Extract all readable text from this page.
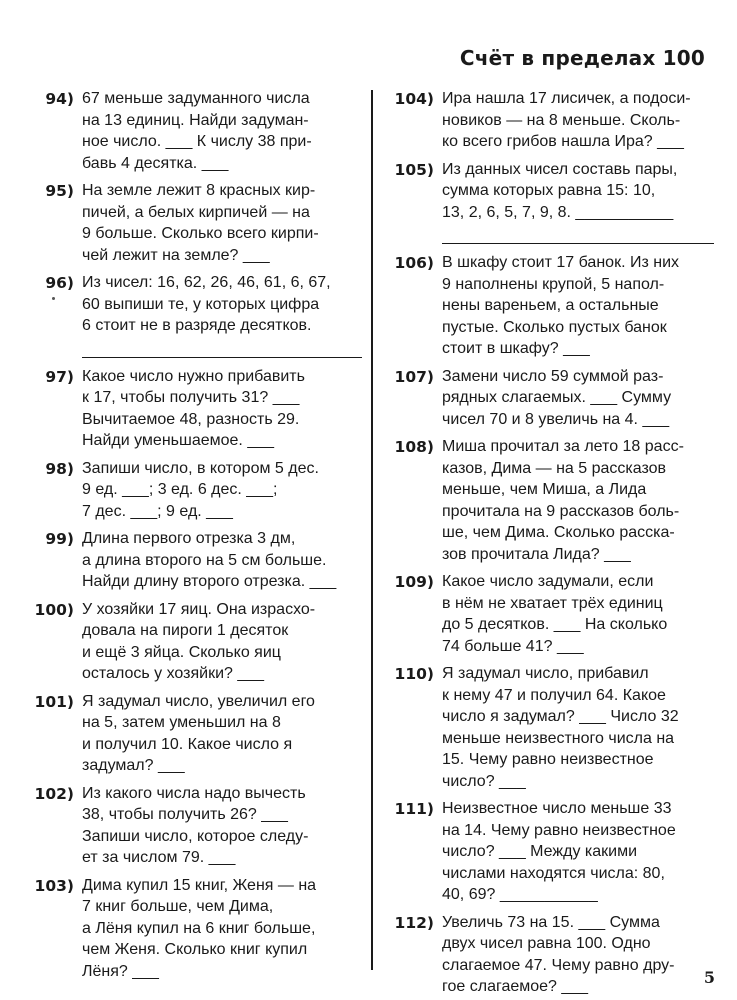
Счёт в пределах 100
94) 67 меньше задуманного числа
на 13 единиц. Найди задуман-
ное число. ___ К числу 38 при-
бавь 4 десятка. ___
95) На земле лежит 8 красных кир-
пичей, а белых кирпичей — на
9 больше. Сколько всего кирпи-
чей лежит на земле? ___
96) Из чисел: 16, 62, 26, 46, 61, 6, 67,
60 выпиши те, у которых цифра
6 стоит не в разряде десятков.
97) Какое число нужно прибавить
к 17, чтобы получить 31? ___
Вычитаемое 48, разность 29.
Найди уменьшаемое. ___
98) Запиши число, в котором 5 дес.
9 ед. ___; 3 ед. 6 дес. ___;
7 дес. ___; 9 ед. ___
99) Длина первого отрезка 3 дм,
а длина второго на 5 см больше.
Найди длину второго отрезка. ___
100) У хозяйки 17 яиц. Она израсхо-
довала на пироги 1 десяток
и ещё 3 яйца. Сколько яиц
осталось у хозяйки? ___
101) Я задумал число, увеличил его
на 5, затем уменьшил на 8
и получил 10. Какое число я
задумал? ___
102) Из какого числа надо вычесть
38, чтобы получить 26? ___
Запиши число, которое следу-
ет за числом 79. ___
103) Дима купил 15 книг, Женя — на
7 книг больше, чем Дима,
а Лёня купил на 6 книг больше,
чем Женя. Сколько книг купил
Лёня? ___
104) Ира нашла 17 лисичек, а подоси-
новиков — на 8 меньше. Сколь-
ко всего грибов нашла Ира? ___
105) Из данных чисел составь пары,
сумма которых равна 15: 10,
13, 2, 6, 5, 7, 9, 8. ___________
106) В шкафу стоит 17 банок. Из них
9 наполнены крупой, 5 напол-
нены вареньем, а остальные
пустые. Сколько пустых банок
стоит в шкафу? ___
107) Замени число 59 суммой раз-
рядных слагаемых. ___ Сумму
чисел 70 и 8 увеличь на 4. ___
108) Миша прочитал за лето 18 расс-
казов, Дима — на 5 рассказов
меньше, чем Миша, а Лида
прочитала на 9 рассказов боль-
ше, чем Дима. Сколько расска-
зов прочитала Лида? ___
109) Какое число задумали, если
в нём не хватает трёх единиц
до 5 десятков. ___ На сколько
74 больше 41? ___
110) Я задумал число, прибавил
к нему 47 и получил 64. Какое
число я задумал? ___ Число 32
меньше неизвестного числа на
15. Чему равно неизвестное
число? ___
111) Неизвестное число меньше 33
на 14. Чему равно неизвестное
число? ___ Между какими
числами находятся числа: 80,
40, 69? ___________
112) Увеличь 73 на 15. ___ Сумма
двух чисел равна 100. Одно
слагаемое 47. Чему равно дру-
гое слагаемое? ___	5
